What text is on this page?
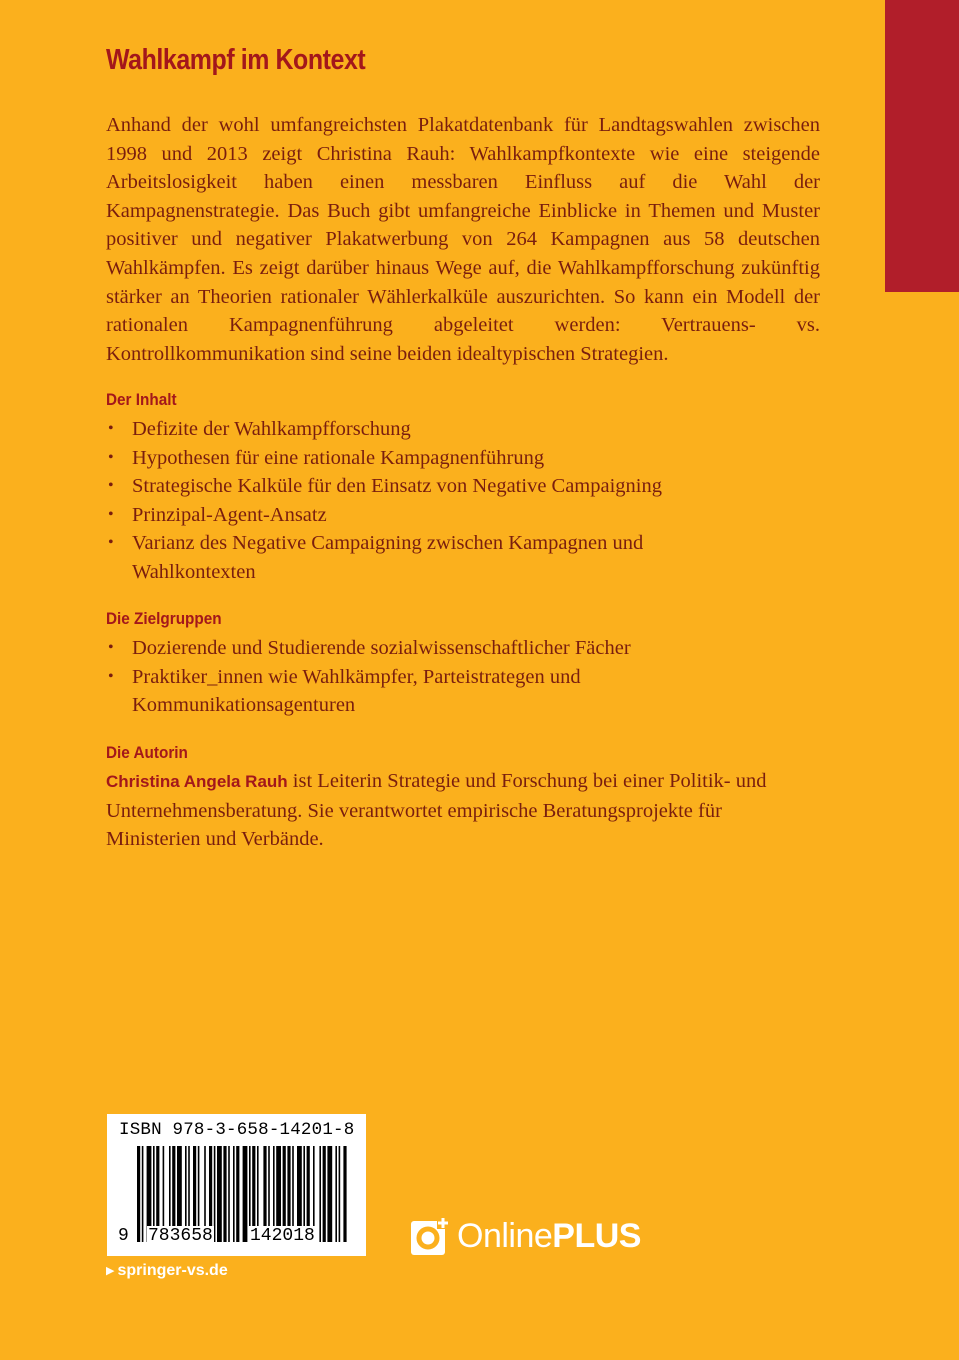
Wahlkampf im Kontext

Anhand der wohl umfangreichsten Plakatdatenbank für Landtagswahlen zwischen 1998 und 2013 zeigt Christina Rauh: Wahlkampfkontexte wie eine steigende Arbeitslosigkeit haben einen messbaren Einfluss auf die Wahl der Kampagnenstrategie. Das Buch gibt umfangreiche Einblicke in Themen und Muster positiver und negativer Plakatwerbung von 264 Kampagnen aus 58 deutschen Wahlkämpfen. Es zeigt darüber hinaus Wege auf, die Wahlkampfforschung zukünftig stärker an Theorien rationaler Wählerkalküle auszurichten. So kann ein Modell der rationalen Kampagnenführung abgeleitet werden: Vertrauens- vs. Kontrollkommunikation sind seine beiden idealtypischen Strategien.

Der Inhalt
• Defizite der Wahlkampfforschung
• Hypothesen für eine rationale Kampagnenführung
• Strategische Kalküle für den Einsatz von Negative Campaigning
• Prinzipal-Agent-Ansatz
• Varianz des Negative Campaigning zwischen Kampagnen und Wahlkontexten
Die Zielgruppen
• Dozierende und Studierende sozialwissenschaftlicher Fächer
• Praktiker_innen wie Wahlkämpfer, Parteistrategen und Kommunikationsagenturen
Die Autorin

Christina Angela Rauh ist Leiterin Strategie und Forschung bei einer Politik- und Unternehmensberatung. Sie verantwortet empirische Beratungsprojekte für Ministerien und Verbände.

ISBN 978-3-658-14201-8
9 783658 142018
▶ springer-vs.de
OnlinePLUS
